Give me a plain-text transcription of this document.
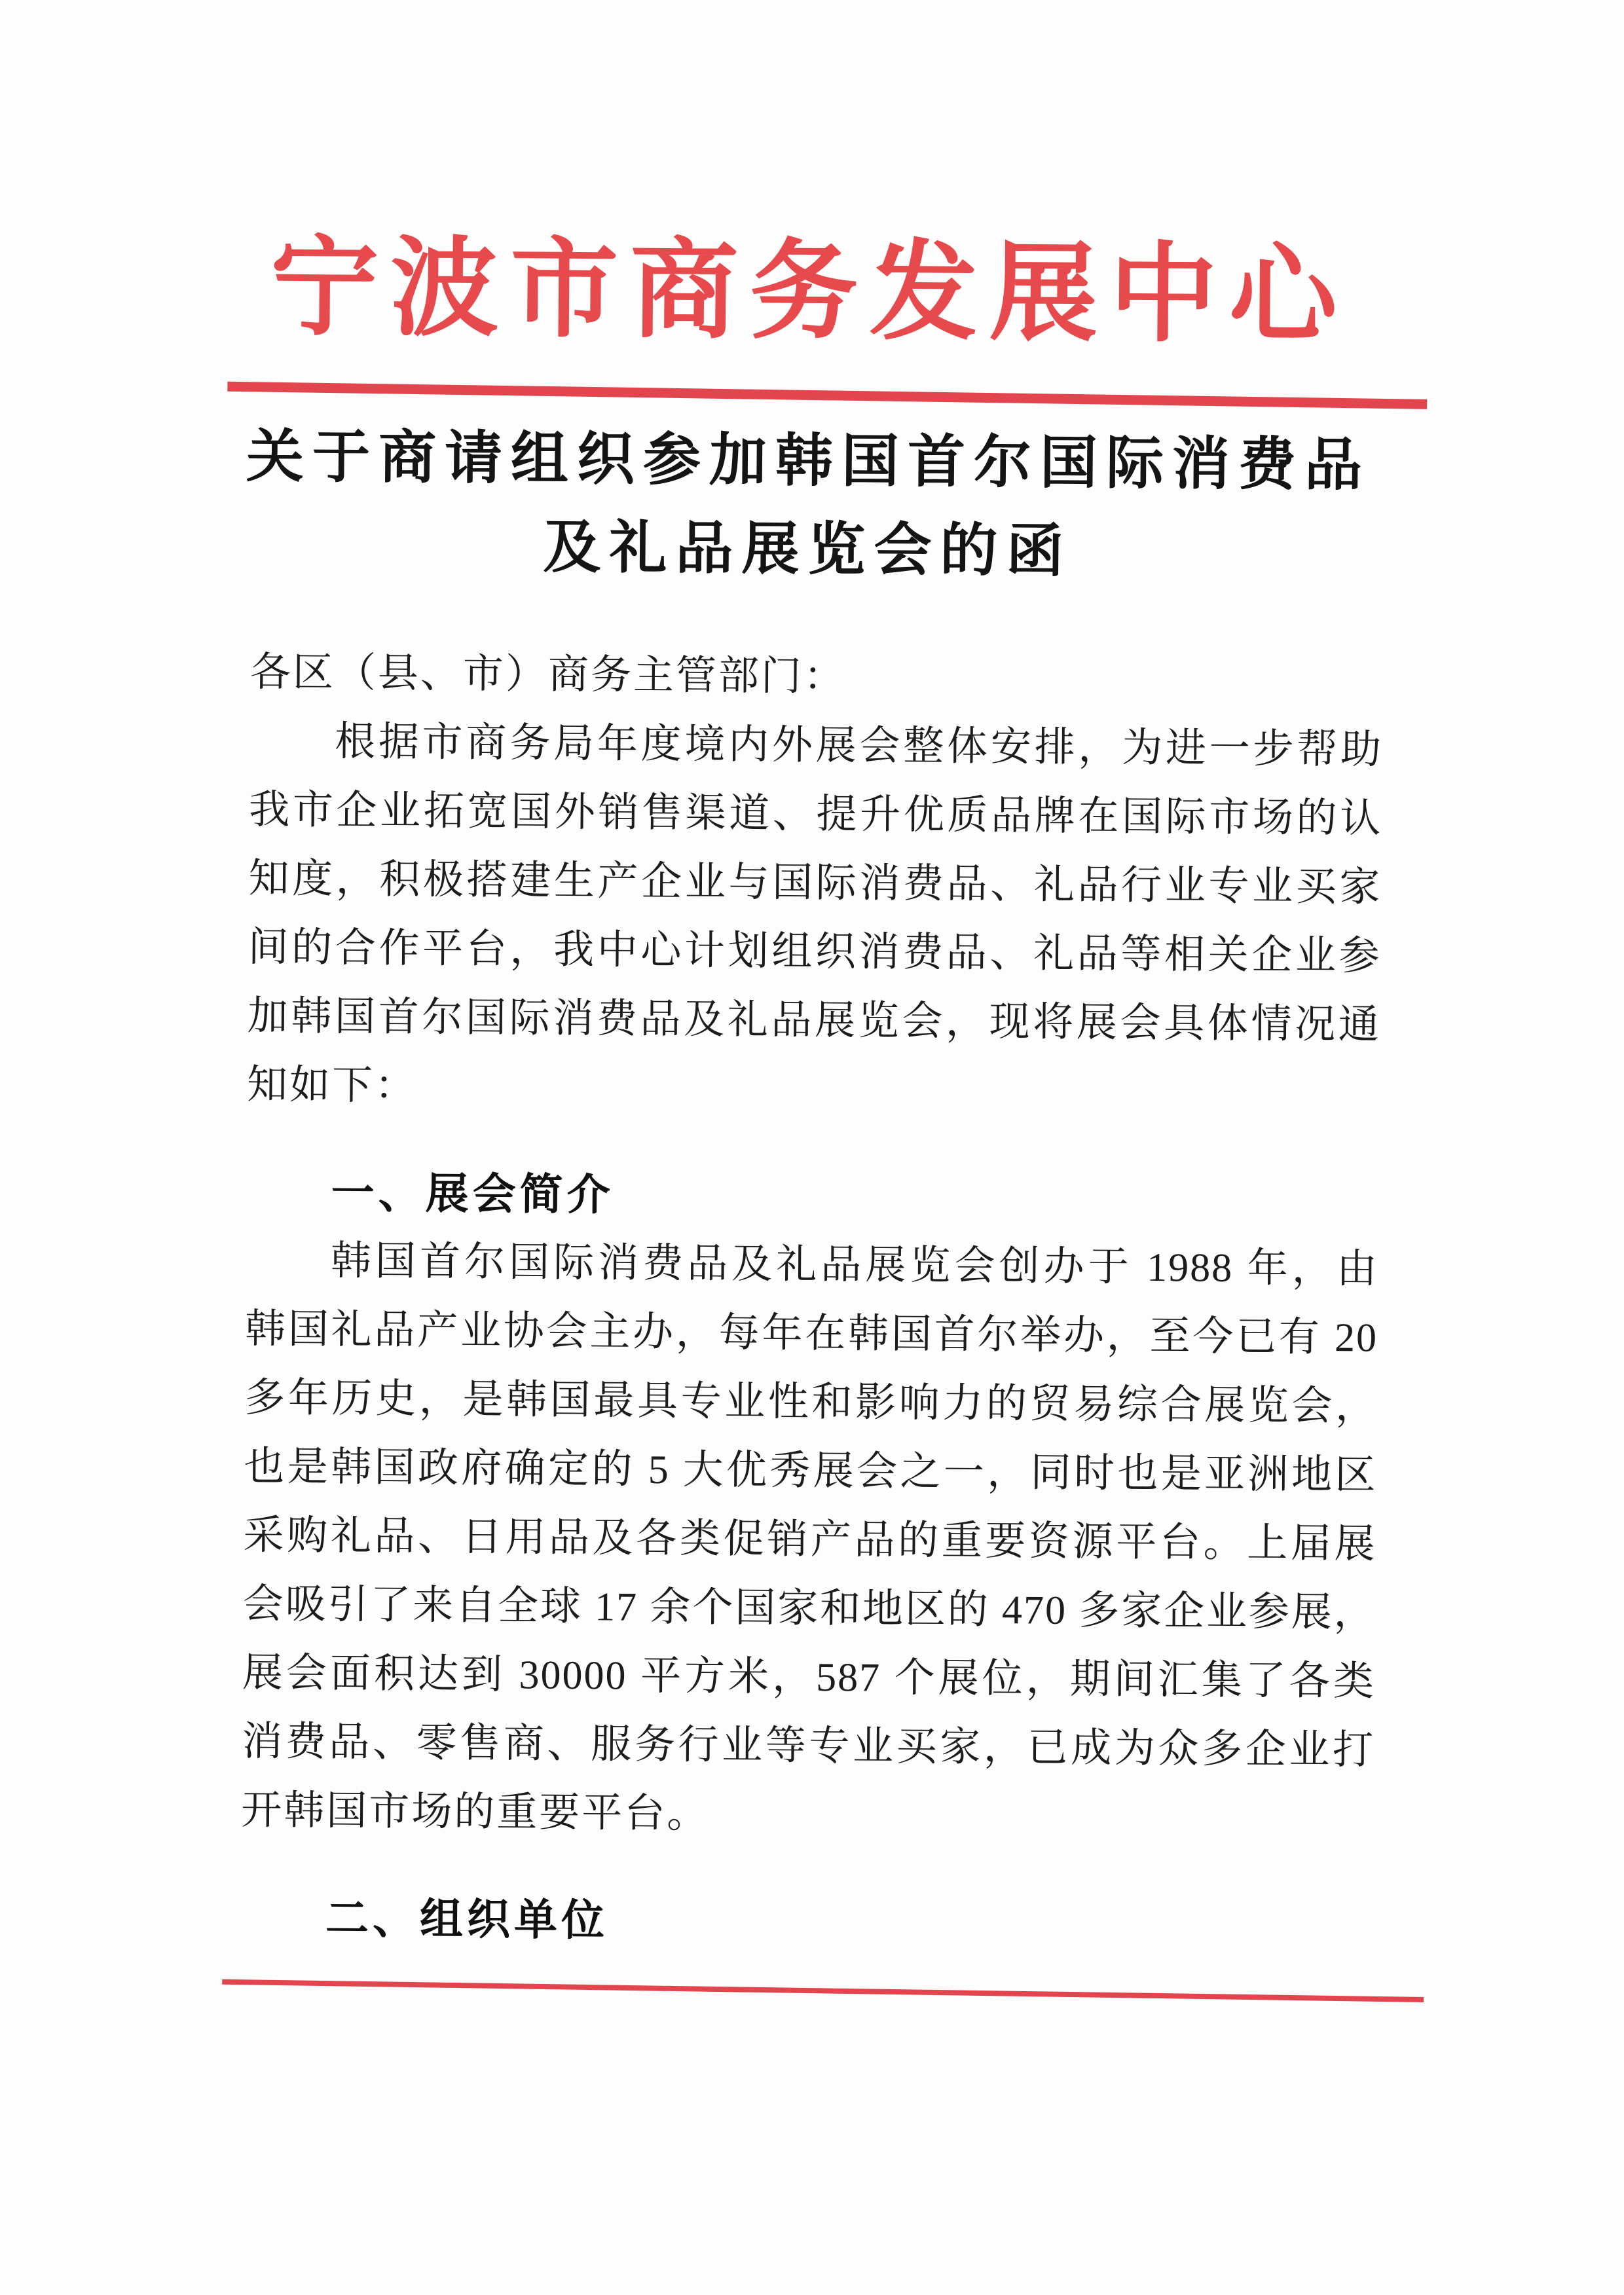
宁波市商务发展中心
关于商请组织参加韩国首尔国际消费品
及礼品展览会的函

各区（县、市）商务主管部门：

根据市商务局年度境内外展会整体安排，为进一步帮助

我市企业拓宽国外销售渠道、提升优质品牌在国际市场的认

知度，积极搭建生产企业与国际消费品、礼品行业专业买家

间的合作平台，我中心计划组织消费品、礼品等相关企业参

加韩国首尔国际消费品及礼品展览会，现将展会具体情况通

知如下：

一、展会简介

韩国首尔国际消费品及礼品展览会创办于 1988 年，由

韩国礼品产业协会主办，每年在韩国首尔举办，至今已有 20

多年历史，是韩国最具专业性和影响力的贸易综合展览会，

也是韩国政府确定的 5 大优秀展会之一，同时也是亚洲地区

采购礼品、日用品及各类促销产品的重要资源平台。上届展

会吸引了来自全球 17 余个国家和地区的 470 多家企业参展，

展会面积达到 30000 平方米，587 个展位，期间汇集了各类

消费品、零售商、服务行业等专业买家，已成为众多企业打

开韩国市场的重要平台。

二、组织单位
